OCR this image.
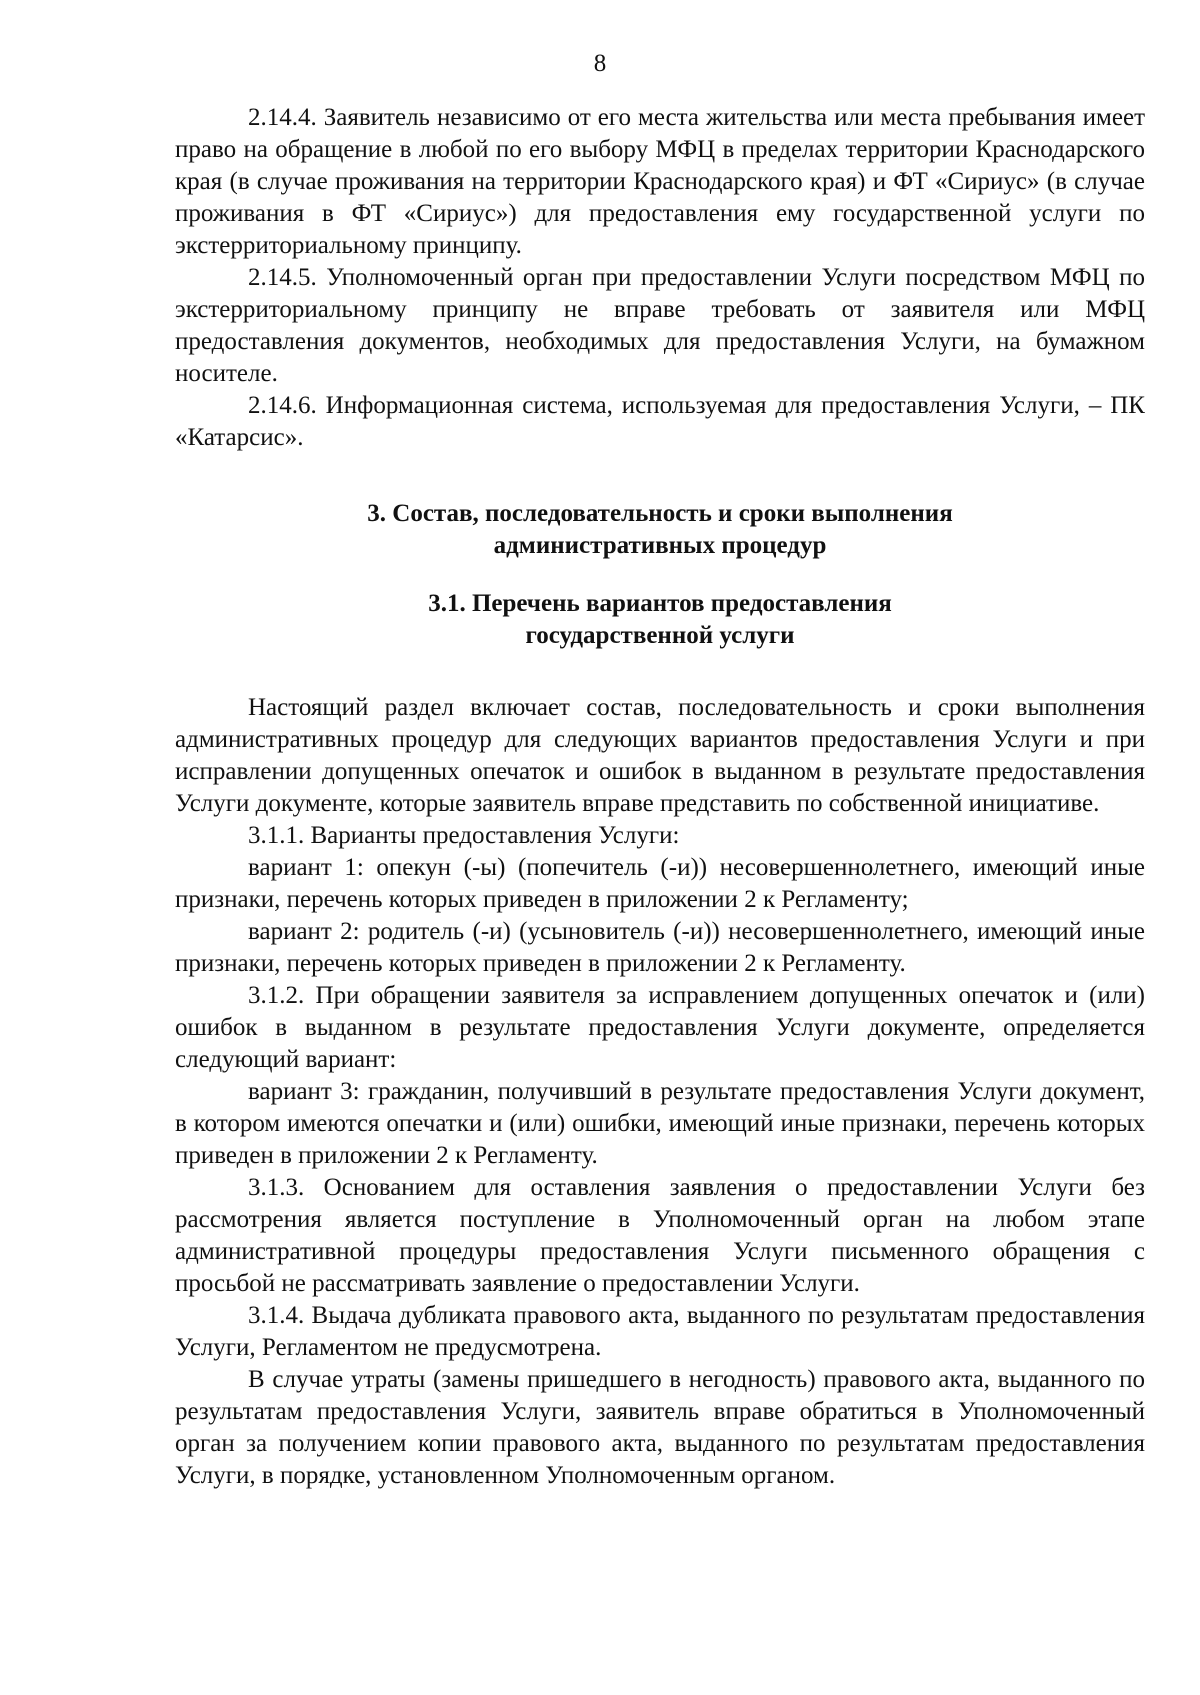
8

2.14.4. Заявитель независимо от его места жительства или места пребывания имеет право на обращение в любой по его выбору МФЦ в пределах территории Краснодарского края (в случае проживания на территории Краснодарского края) и ФТ «Сириус» (в случае проживания в ФТ «Сириус») для предоставления ему государственной услуги по экстерриториальному принципу.

2.14.5. Уполномоченный орган при предоставлении Услуги посредством МФЦ по экстерриториальному принципу не вправе требовать от заявителя или МФЦ предоставления документов, необходимых для предоставления Услуги, на бумажном носителе.

2.14.6. Информационная система, используемая для предоставления Услуги, – ПК «Катарсис».

3. Состав, последовательность и сроки выполнения
административных процедур
3.1. Перечень вариантов предоставления
государственной услуги

Настоящий раздел включает состав, последовательность и сроки выполнения административных процедур для следующих вариантов предоставления Услуги и при исправлении допущенных опечаток и ошибок в выданном в результате предоставления Услуги документе, которые заявитель вправе представить по собственной инициативе.

3.1.1. Варианты предоставления Услуги:

вариант 1: опекун (-ы) (попечитель (-и)) несовершеннолетнего, имеющий иные признаки, перечень которых приведен в приложении 2 к Регламенту;

вариант 2: родитель (-и) (усыновитель (-и)) несовершеннолетнего, имеющий иные признаки, перечень которых приведен в приложении 2 к Регламенту.

3.1.2. При обращении заявителя за исправлением допущенных опечаток и (или) ошибок в выданном в результате предоставления Услуги документе, определяется следующий вариант:

вариант 3: гражданин, получивший в результате предоставления Услуги документ, в котором имеются опечатки и (или) ошибки, имеющий иные признаки, перечень которых приведен в приложении 2 к Регламенту.

3.1.3. Основанием для оставления заявления о предоставлении Услуги без рассмотрения является поступление в Уполномоченный орган на любом этапе административной процедуры предоставления Услуги письменного обращения с просьбой не рассматривать заявление о предоставлении Услуги.

3.1.4. Выдача дубликата правового акта, выданного по результатам предоставления Услуги, Регламентом не предусмотрена.

В случае утраты (замены пришедшего в негодность) правового акта, выданного по результатам предоставления Услуги, заявитель вправе обратиться в Уполномоченный орган за получением копии правового акта, выданного по результатам предоставления Услуги, в порядке, установленном Уполномоченным органом.
